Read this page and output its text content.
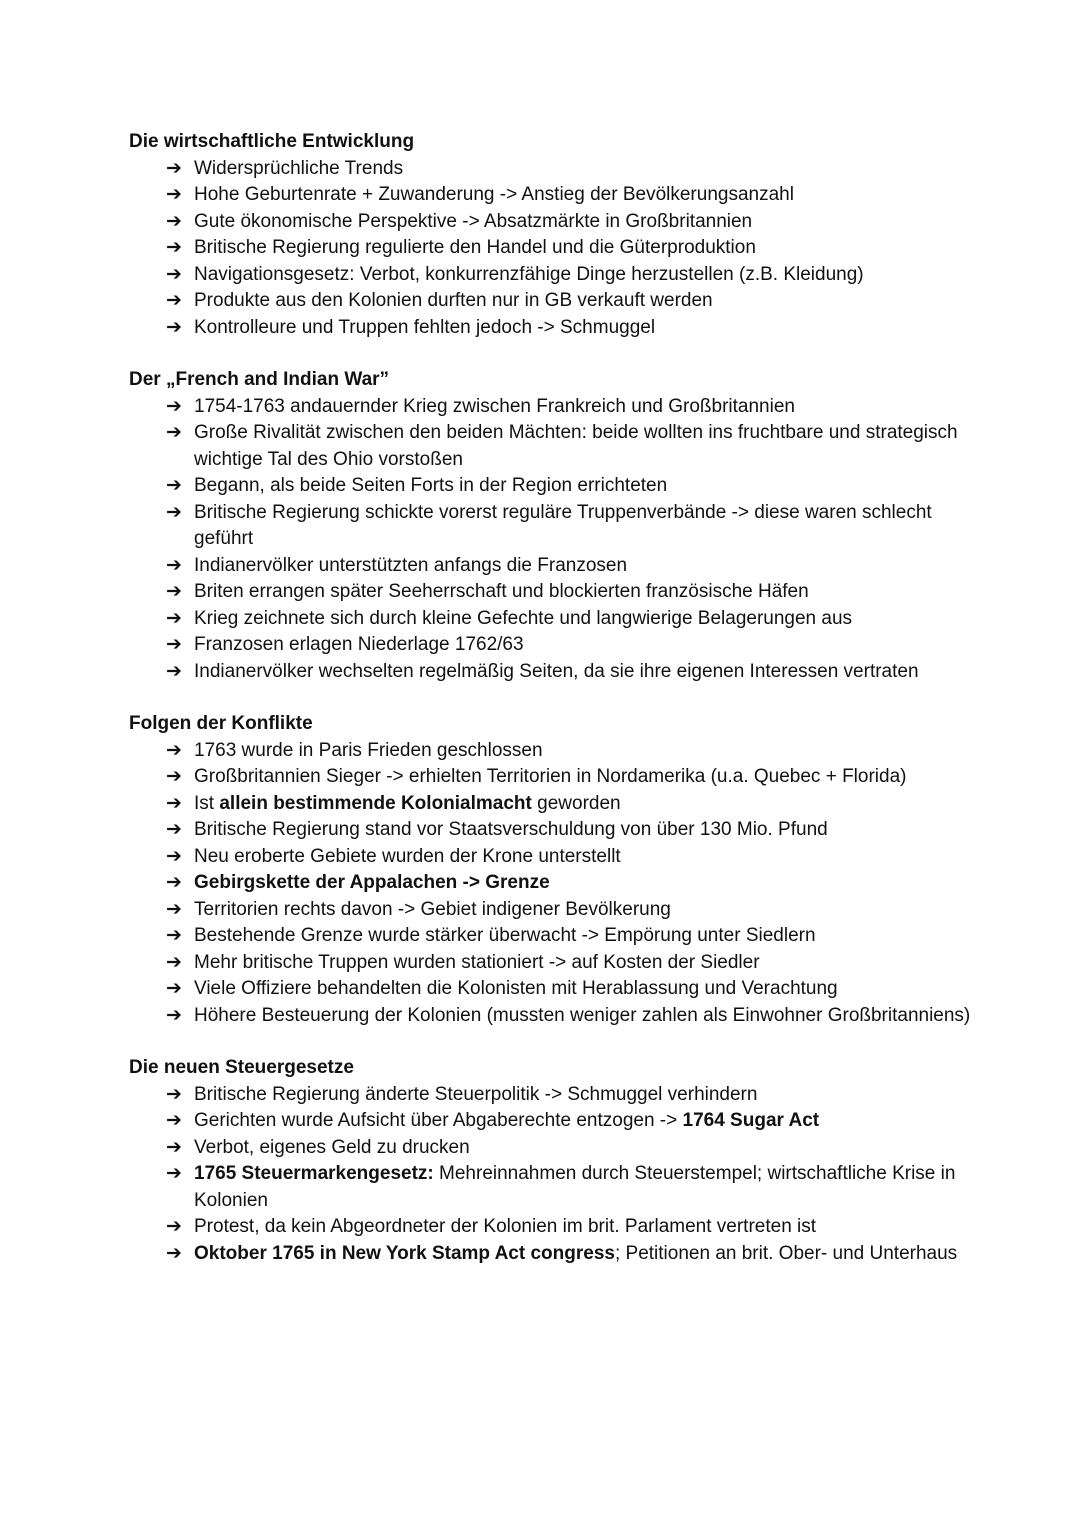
Die wirtschaftliche Entwicklung
➔ Widersprüchliche Trends
➔ Hohe Geburtenrate + Zuwanderung -> Anstieg der Bevölkerungsanzahl
➔ Gute ökonomische Perspektive -> Absatzmärkte in Großbritannien
➔ Britische Regierung regulierte den Handel und die Güterproduktion
➔ Navigationsgesetz: Verbot, konkurrenzfähige Dinge herzustellen (z.B. Kleidung)
➔ Produkte aus den Kolonien durften nur in GB verkauft werden
➔ Kontrolleure und Truppen fehlten jedoch -> Schmuggel
Der „French and Indian War”
➔ 1754-1763 andauernder Krieg zwischen Frankreich und Großbritannien
➔ Große Rivalität zwischen den beiden Mächten: beide wollten ins fruchtbare und strategisch wichtige Tal des Ohio vorstoßen
➔ Begann, als beide Seiten Forts in der Region errichteten
➔ Britische Regierung schickte vorerst reguläre Truppenverbände -> diese waren schlecht geführt
➔ Indianervölker unterstützten anfangs die Franzosen
➔ Briten errangen später Seeherrschaft und blockierten französische Häfen
➔ Krieg zeichnete sich durch kleine Gefechte und langwierige Belagerungen aus
➔ Franzosen erlagen Niederlage 1762/63
➔ Indianervölker wechselten regelmäßig Seiten, da sie ihre eigenen Interessen vertraten
Folgen der Konflikte
➔ 1763 wurde in Paris Frieden geschlossen
➔ Großbritannien Sieger -> erhielten Territorien in Nordamerika (u.a. Quebec + Florida)
➔ Ist allein bestimmende Kolonialmacht geworden
➔ Britische Regierung stand vor Staatsverschuldung von über 130 Mio. Pfund
➔ Neu eroberte Gebiete wurden der Krone unterstellt
➔ Gebirgskette der Appalachen -> Grenze
➔ Territorien rechts davon -> Gebiet indigener Bevölkerung
➔ Bestehende Grenze wurde stärker überwacht -> Empörung unter Siedlern
➔ Mehr britische Truppen wurden stationiert -> auf Kosten der Siedler
➔ Viele Offiziere behandelten die Kolonisten mit Herablassung und Verachtung
➔ Höhere Besteuerung der Kolonien (mussten weniger zahlen als Einwohner Großbritanniens)
Die neuen Steuergesetze
➔ Britische Regierung änderte Steuerpolitik -> Schmuggel verhindern
➔ Gerichten wurde Aufsicht über Abgaberechte entzogen -> 1764 Sugar Act
➔ Verbot, eigenes Geld zu drucken
➔ 1765 Steuermarkengesetz: Mehreinnahmen durch Steuerstempel; wirtschaftliche Krise in Kolonien
➔ Protest, da kein Abgeordneter der Kolonien im brit. Parlament vertreten ist
➔ Oktober 1765 in New York Stamp Act congress; Petitionen an brit. Ober- und Unterhaus
